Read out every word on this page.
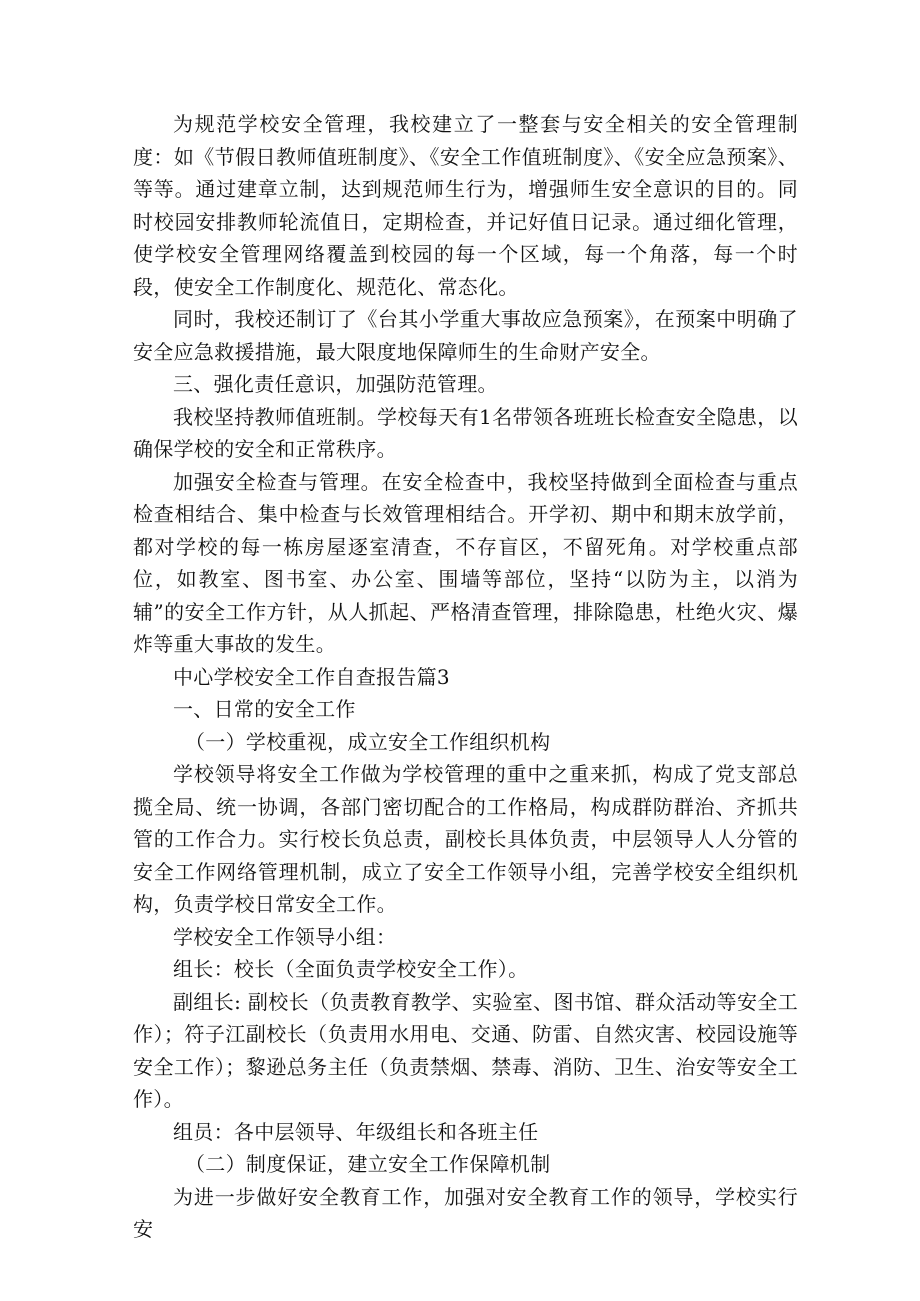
为规范学校安全管理，我校建立了一整套与安全相关的安全管理制度：如《节假日教师值班制度》、《安全工作值班制度》、《安全应急预案》、等等。通过建章立制，达到规范师生行为，增强师生安全意识的目的。同时校园安排教师轮流值日，定期检查，并记好值日记录。通过细化管理，使学校安全管理网络覆盖到校园的每一个区域，每一个角落，每一个时段，使安全工作制度化、规范化、常态化。

同时，我校还制订了《台其小学重大事故应急预案》，在预案中明确了安全应急救援措施，最大限度地保障师生的生命财产安全。

三、强化责任意识，加强防范管理。

我校坚持教师值班制。学校每天有1名带领各班班长检查安全隐患，以确保学校的安全和正常秩序。

加强安全检查与管理。在安全检查中，我校坚持做到全面检查与重点检查相结合、集中检查与长效管理相结合。开学初、期中和期末放学前，都对学校的每一栋房屋逐室清查，不存盲区，不留死角。对学校重点部位，如教室、图书室、办公室、围墙等部位，坚持“以防为主，以消为辅”的安全工作方针，从人抓起、严格清查管理，排除隐患，杜绝火灾、爆炸等重大事故的发生。

中心学校安全工作自查报告篇3

一、日常的安全工作

（一）学校重视，成立安全工作组织机构

学校领导将安全工作做为学校管理的重中之重来抓，构成了党支部总揽全局、统一协调，各部门密切配合的工作格局，构成群防群治、齐抓共管的工作合力。实行校长负总责，副校长具体负责，中层领导人人分管的安全工作网络管理机制，成立了安全工作领导小组，完善学校安全组织机构，负责学校日常安全工作。

学校安全工作领导小组：

组长：校长（全面负责学校安全工作）。

副组长: 副校长（负责教育教学、实验室、图书馆、群众活动等安全工作）；符子江副校长（负责用水用电、交通、防雷、自然灾害、校园设施等安全工作）；黎逊总务主任（负责禁烟、禁毒、消防、卫生、治安等安全工作）。

组员：各中层领导、年级组长和各班主任

（二）制度保证，建立安全工作保障机制

为进一步做好安全教育工作，加强对安全教育工作的领导，学校实行安
